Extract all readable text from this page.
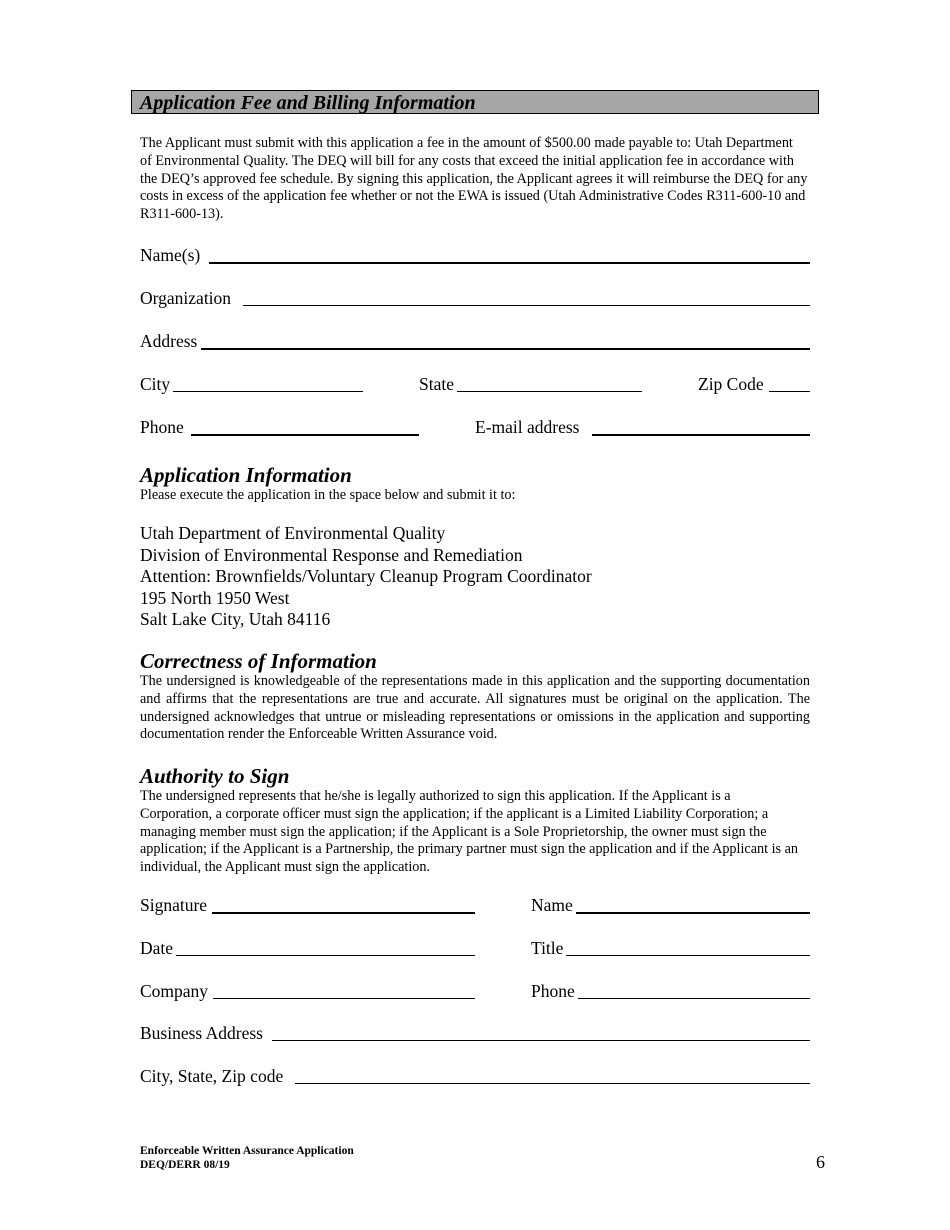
Application Fee and Billing Information
The Applicant must submit with this application a fee in the amount of $500.00 made payable to: Utah Department of Environmental Quality. The DEQ will bill for any costs that exceed the initial application fee in accordance with the DEQ’s approved fee schedule. By signing this application, the Applicant agrees it will reimburse the DEQ for any costs in excess of the application fee whether or not the EWA is issued (Utah Administrative Codes R311-600-10 and R311-600-13).
Name(s)
Organization
Address
City	State	Zip Code
Phone	E-mail address
Application Information
Please execute the application in the space below and submit it to:
Utah Department of Environmental Quality
Division of Environmental Response and Remediation
Attention: Brownfields/Voluntary Cleanup Program Coordinator
195 North 1950 West
Salt Lake City, Utah 84116
Correctness of Information
The undersigned is knowledgeable of the representations made in this application and the supporting documentation and affirms that the representations are true and accurate. All signatures must be original on the application. The undersigned acknowledges that untrue or misleading representations or omissions in the application and supporting documentation render the Enforceable Written Assurance void.
Authority to Sign
The undersigned represents that he/she is legally authorized to sign this application. If the Applicant is a Corporation, a corporate officer must sign the application; if the applicant is a Limited Liability Corporation; a managing member must sign the application; if the Applicant is a Sole Proprietorship, the owner must sign the application; if the Applicant is a Partnership, the primary partner must sign the application and if the Applicant is an individual, the Applicant must sign the application.
Signature	Name
Date	Title
Company	Phone
Business Address
City, State, Zip code
Enforceable Written Assurance Application
DEQ/DERR 08/19	6
